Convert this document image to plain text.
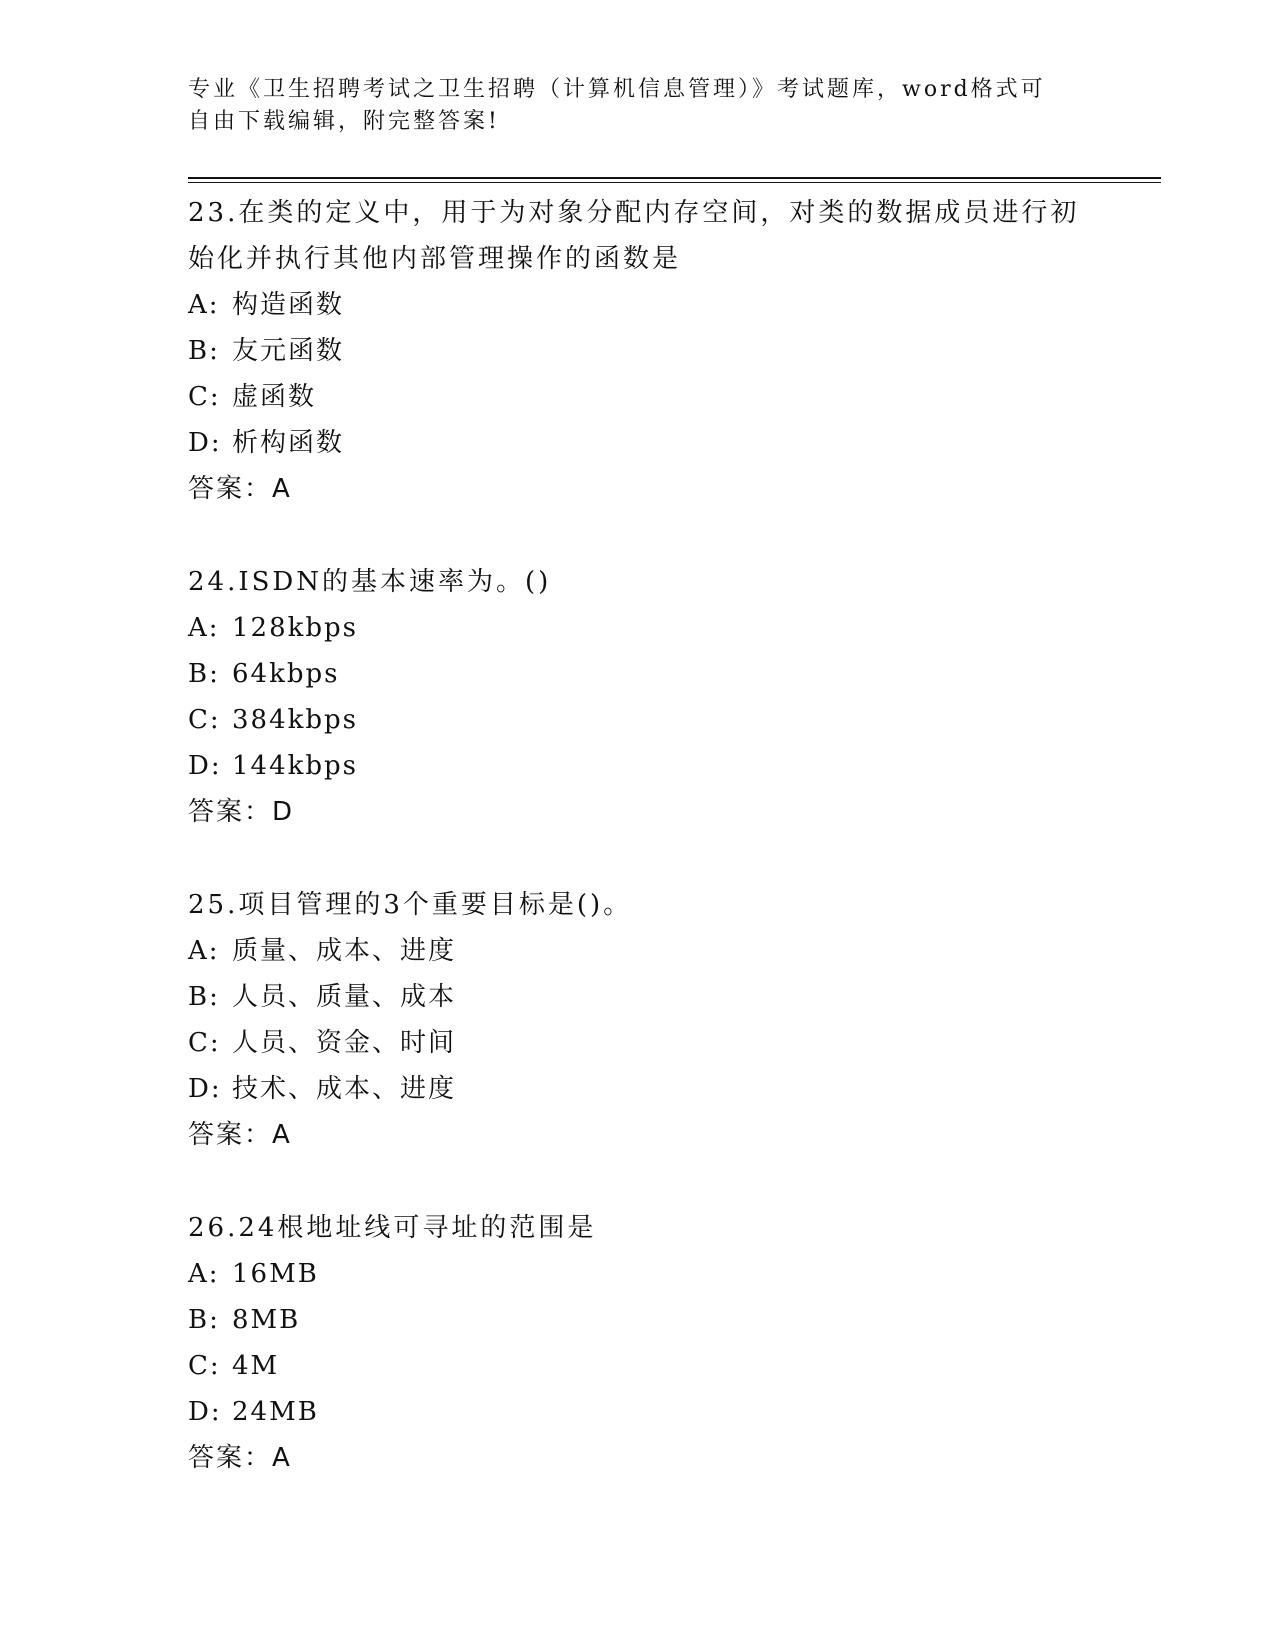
专业《卫生招聘考试之卫生招聘（计算机信息管理）》考试题库，word格式可自由下载编辑，附完整答案!

23.在类的定义中，用于为对象分配内存空间，对类的数据成员进行初始化并执行其他内部管理操作的函数是

A: 构造函数

B: 友元函数

C: 虚函数

D: 析构函数

答案：A

24.ISDN的基本速率为。()

A: 128kbps

B: 64kbps

C: 384kbps

D: 144kbps

答案：D

25.项目管理的3个重要目标是()。

A: 质量、成本、进度

B: 人员、质量、成本

C: 人员、资金、时间

D: 技术、成本、进度

答案：A

26.24根地址线可寻址的范围是

A: 16MB

B: 8MB

C: 4M

D: 24MB

答案：A
